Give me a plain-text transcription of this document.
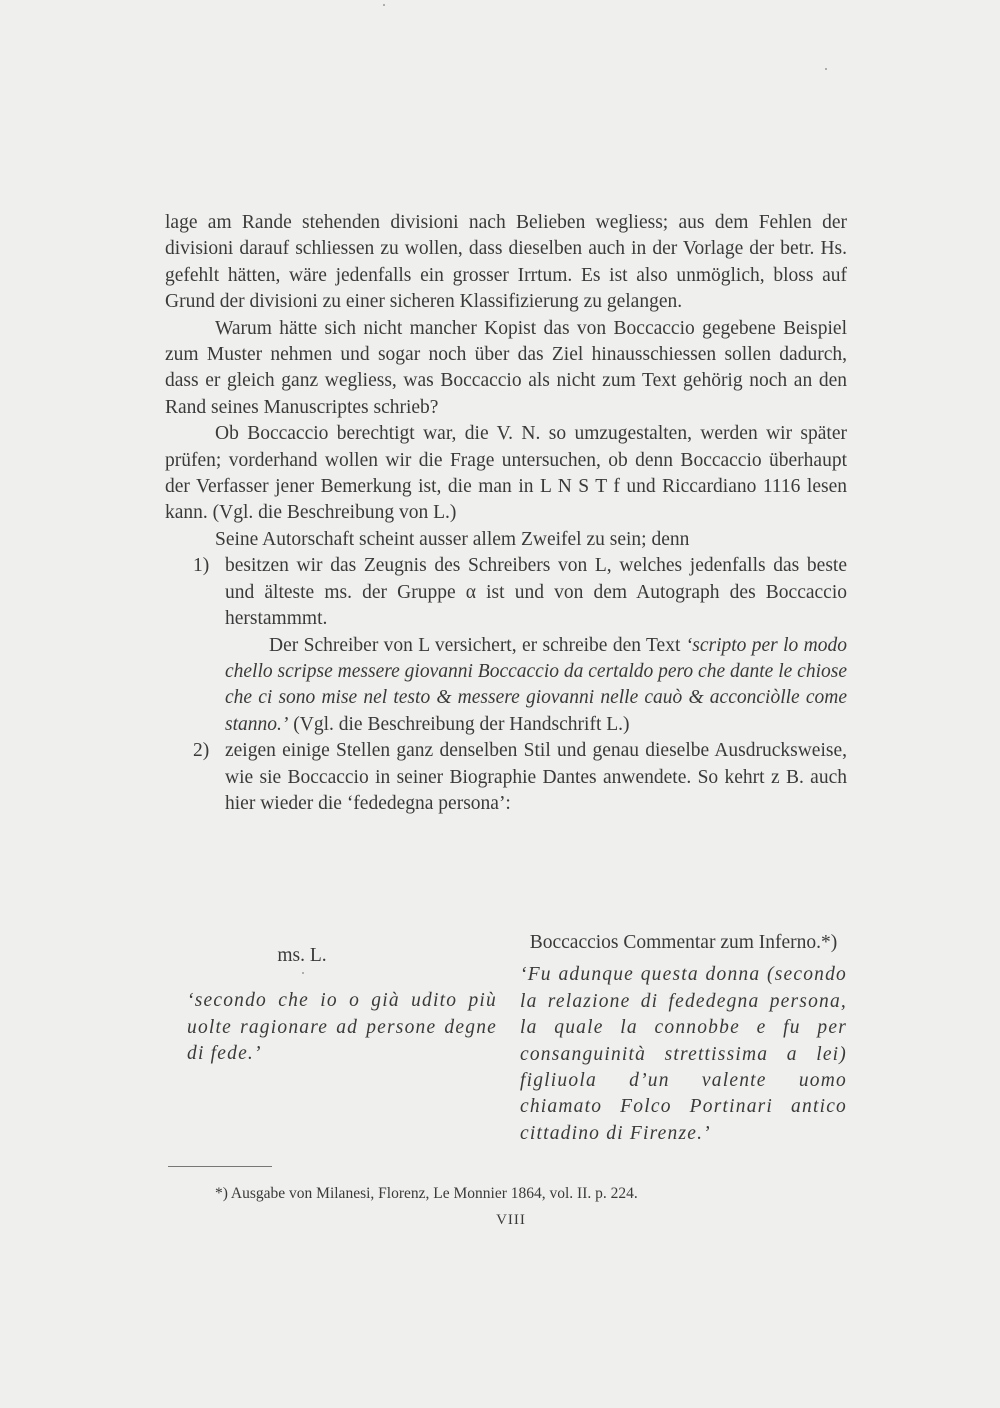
lage am Rande stehenden divisioni nach Belieben wegliess; aus dem Fehlen der divisioni darauf schliessen zu wollen, dass dieselben auch in der Vorlage der betr. Hs. gefehlt hätten, wäre jedenfalls ein grosser Irrtum. Es ist also unmöglich, bloss auf Grund der divisioni zu einer sicheren Klassifizierung zu gelangen.

Warum hätte sich nicht mancher Kopist das von Boccaccio gegebene Beispiel zum Muster nehmen und sogar noch über das Ziel hinausschiessen sollen dadurch, dass er gleich ganz wegliess, was Boccaccio als nicht zum Text gehörig noch an den Rand seines Manuscriptes schrieb?

Ob Boccaccio berechtigt war, die V. N. so umzugestalten, werden wir später prüfen; vorderhand wollen wir die Frage untersuchen, ob denn Boccaccio überhaupt der Verfasser jener Bemerkung ist, die man in L N S T f und Riccardiano 1116 lesen kann. (Vgl. die Beschreibung von L.)

Seine Autorschaft scheint ausser allem Zweifel zu sein; denn

1) besitzen wir das Zeugnis des Schreibers von L, welches jedenfalls das beste und älteste ms. der Gruppe α ist und von dem Autograph des Boccaccio herstammmt.

Der Schreiber von L versichert, er schreibe den Text ‘scripto per lo modo chello scripse messere giovanni Boccaccio da certaldo pero che dante le chiose che ci sono mise nel testo & messere giovanni nelle cauò & acconciòlle come stanno.’ (Vgl. die Beschreibung der Handschrift L.)

2) zeigen einige Stellen ganz denselben Stil und genau dieselbe Ausdrucksweise, wie sie Boccaccio in seiner Biographie Dantes anwendete. So kehrt z B. auch hier wieder die ‘fededegna persona’:
ms. L.
‘secondo che io o già udito più uolte ragionare ad persone degne di fede.’
Boccaccios Commentar zum Inferno.*)
‘Fu adunque questa donna (secondo la relazione di fededegna persona, la quale la connobbe e fu per consanguinità strettissima a lei) figliuola d’un valente uomo chiamato Folco Portinari antico cittadino di Firenze.’
*) Ausgabe von Milanesi, Florenz, Le Monnier 1864, vol. II. p. 224.
VIII
